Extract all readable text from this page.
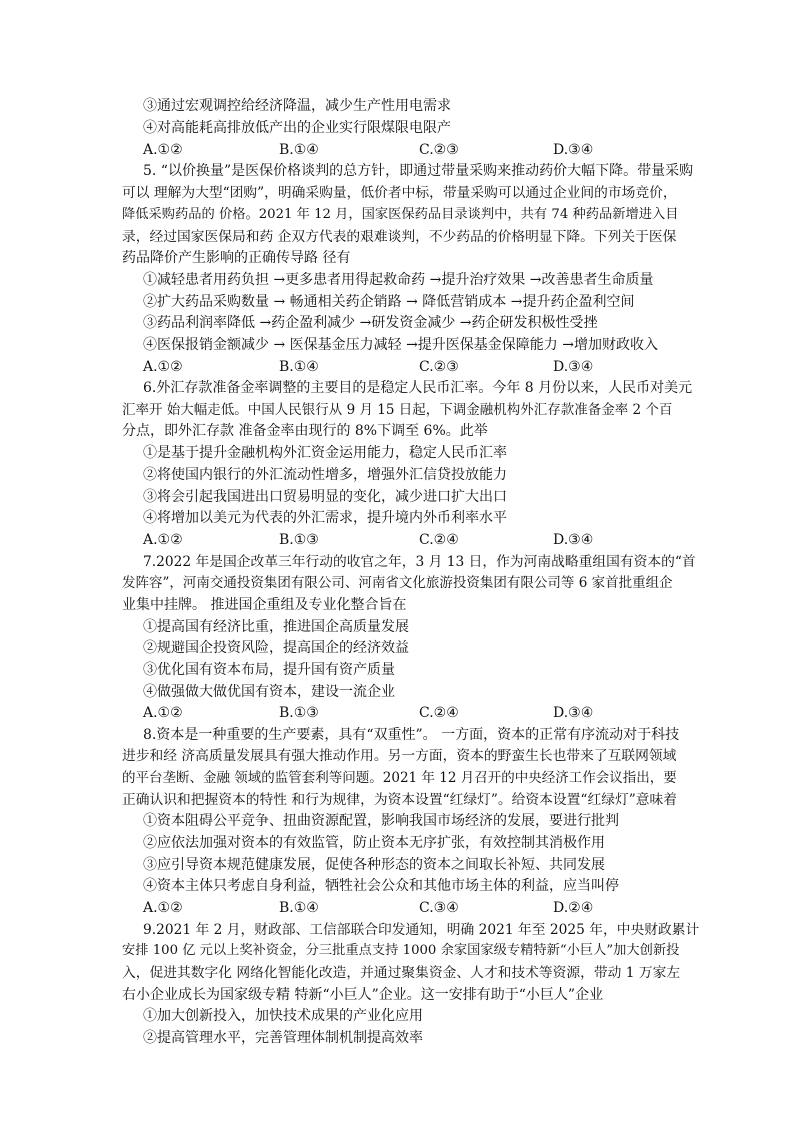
③通过宏观调控给经济降温，减少生产性用电需求
④对高能耗高排放低产出的企业实行限煤限电限产
A.①②	B.①④	C.②③	D.③④
5. “以价换量”是医保价格谈判的总方针，即通过带量采购来推动药价大幅下降。带量采购
可以 理解为大型“团购”，明确采购量，低价者中标，带量采购可以通过企业间的市场竞价，
降低采购药品的 价格。2021 年 12 月，国家医保药品目录谈判中，共有 74 种药品新增进入目
录，经过国家医保局和药 企双方代表的艰难谈判，不少药品的价格明显下降。下列关于医保
药品降价产生影响的正确传导路 径有
①减轻患者用药负担 →更多患者用得起救命药 →提升治疗效果 →改善患者生命质量
②扩大药品采购数量 → 畅通相关药企销路 → 降低营销成本 →提升药企盈利空间
③药品利润率降低 →药企盈利减少 →研发资金减少 →药企研发积极性受挫
④医保报销金额减少 → 医保基金压力减轻 →提升医保基金保障能力 →增加财政收入
A.①②	B.①④	C.②③	D.③④
6.外汇存款准备金率调整的主要目的是稳定人民币汇率。今年 8 月份以来，人民币对美元
汇率开 始大幅走低。中国人民银行从 9 月 15 日起，下调金融机构外汇存款准备金率 2 个百
分点，即外汇存款 准备金率由现行的 8%下调至 6%。此举
①是基于提升金融机构外汇资金运用能力，稳定人民币汇率
②将使国内银行的外汇流动性增多，增强外汇信贷投放能力
③将会引起我国进出口贸易明显的变化，减少进口扩大出口
④将增加以美元为代表的外汇需求，提升境内外币利率水平
A.①②	B.①③	C.②④	D.③④
7.2022 年是国企改革三年行动的收官之年，3 月 13 日，作为河南战略重组国有资本的“首
发阵容”，河南交通投资集团有限公司、河南省文化旅游投资集团有限公司等 6 家首批重组企
业集中挂牌。 推进国企重组及专业化整合旨在
①提高国有经济比重，推进国企高质量发展
②规避国企投资风险，提高国企的经济效益
③优化国有资本布局，提升国有资产质量
④做强做大做优国有资本，建设一流企业
A.①②	B.①③	C.②④	D.③④
8.资本是一种重要的生产要素，具有“双重性”。 一方面，资本的正常有序流动对于科技
进步和经 济高质量发展具有强大推动作用。另一方面，资本的野蛮生长也带来了互联网领域
的平台垄断、金融 领域的监管套利等问题。2021 年 12 月召开的中央经济工作会议指出，要
正确认识和把握资本的特性 和行为规律，为资本设置“红绿灯”。给资本设置“红绿灯”意味着
①资本阻碍公平竞争、扭曲资源配置，影响我国市场经济的发展，要进行批判
②应依法加强对资本的有效监管，防止资本无序扩张，有效控制其消极作用
③应引导资本规范健康发展，促使各种形态的资本之间取长补短、共同发展
④资本主体只考虑自身利益，牺牲社会公众和其他市场主体的利益，应当叫停
A.①②	B.①④	C.③④	D.②④
9.2021 年 2 月，财政部、工信部联合印发通知，明确 2021 年至 2025 年，中央财政累计
安排 100 亿 元以上奖补资金，分三批重点支持 1000 余家国家级专精特新“小巨人”加大创新投
入，促进其数字化 网络化智能化改造，并通过聚集资金、人才和技术等资源，带动 1 万家左
右小企业成长为国家级专精 特新“小巨人”企业。这一安排有助于“小巨人”企业
①加大创新投入，加快技术成果的产业化应用
②提高管理水平，完善管理体制机制提高效率
